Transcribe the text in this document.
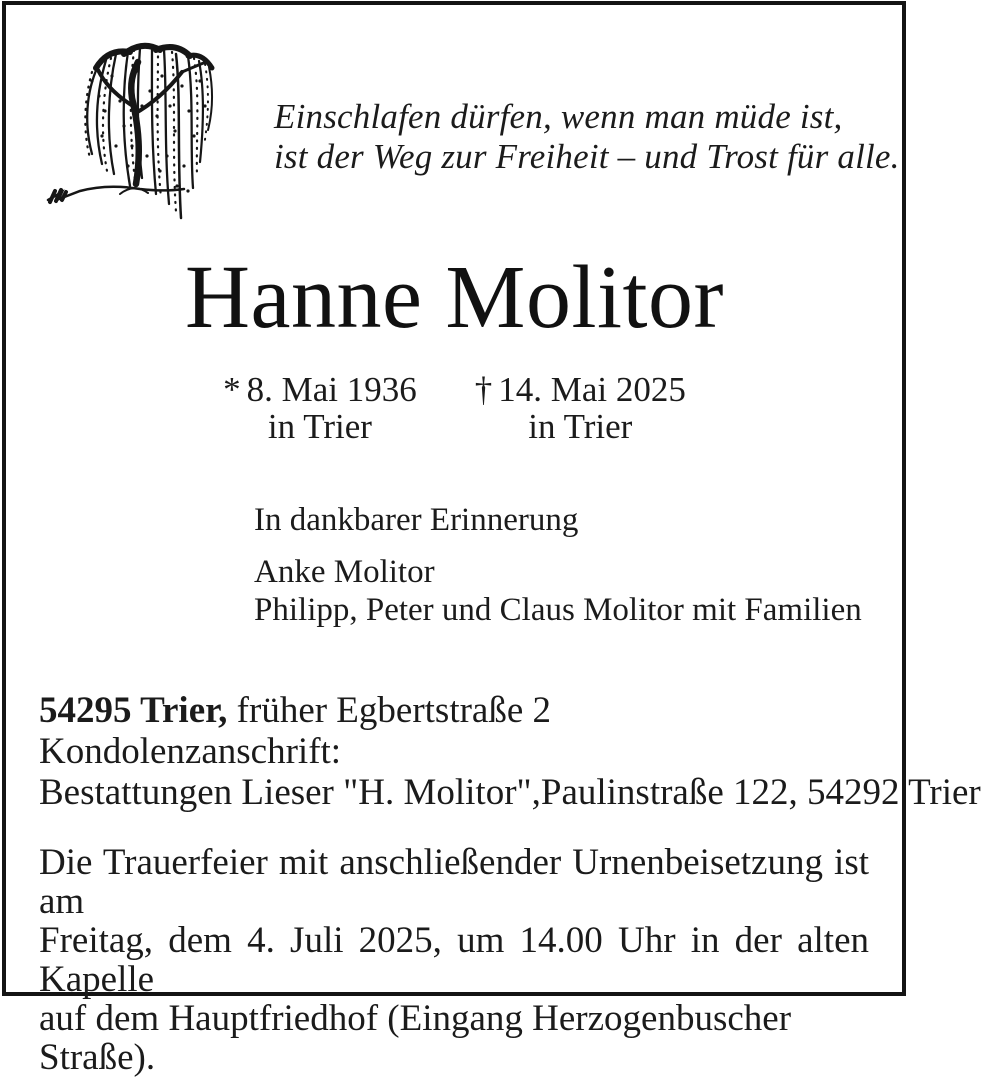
Einschlafen dürfen, wenn man müde ist,
ist der Weg zur Freiheit – und Trost für alle.
Hanne Molitor
* 8. Mai 1936
in Trier
† 14. Mai 2025
in Trier
In dankbarer Erinnerung
Anke Molitor
Philipp, Peter und Claus Molitor mit Familien
54295 Trier, früher Egbertstraße 2
Kondolenzanschrift:
Bestattungen Lieser "H. Molitor",Paulinstraße 122, 54292 Trier
Die Trauerfeier mit anschließender Urnenbeisetzung ist am
Freitag, dem 4. Juli 2025, um 14.00 Uhr in der alten Kapelle
auf dem Hauptfriedhof (Eingang Herzogenbuscher Straße).
